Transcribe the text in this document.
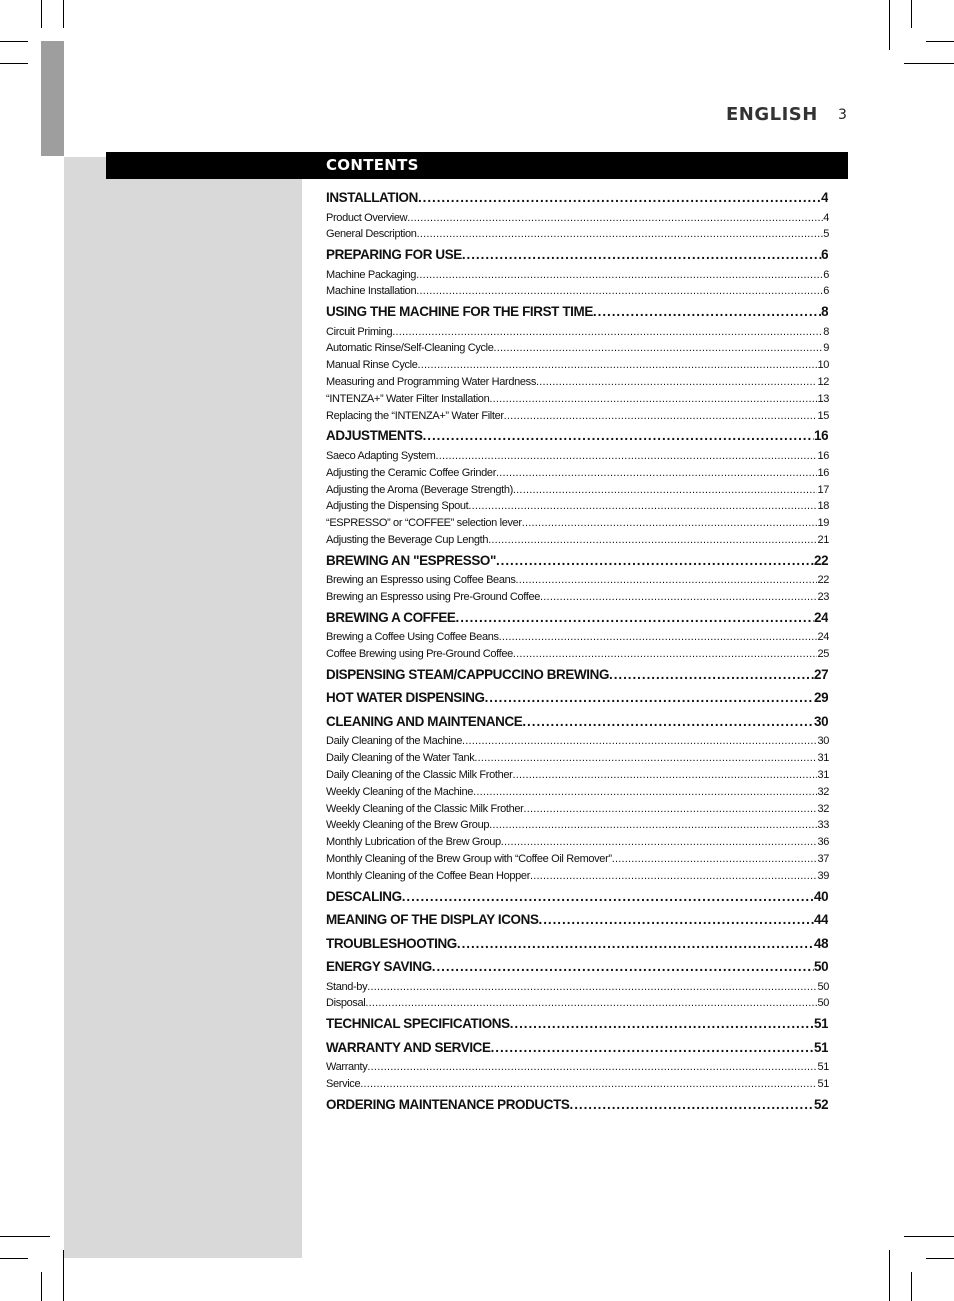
ENGLISH 3
CONTENTS
INSTALLATION .....	4
Product Overview .....	4
General Description .....	5
PREPARING FOR USE .....	6
Machine Packaging .....	6
Machine Installation .....	6
USING THE MACHINE FOR THE FIRST TIME .....	8
Circuit Priming .....	8
Automatic Rinse/Self-Cleaning Cycle .....	9
Manual Rinse Cycle .....	10
Measuring and Programming Water Hardness .....	12
“INTENZA+” Water Filter Installation .....	13
Replacing the “INTENZA+” Water Filter .....	15
ADJUSTMENTS .....	16
Saeco Adapting System .....	16
Adjusting the Ceramic Coffee Grinder .....	16
Adjusting the Aroma (Beverage Strength) .....	17
Adjusting the Dispensing Spout .....	18
“ESPRESSO” or “COFFEE” selection lever .....	19
Adjusting the Beverage Cup Length .....	21
BREWING AN "ESPRESSO" .....	22
Brewing an Espresso using Coffee Beans .....	22
Brewing an Espresso using Pre-Ground Coffee .....	23
BREWING A COFFEE .....	24
Brewing a Coffee Using Coffee Beans .....	24
Coffee Brewing using Pre-Ground Coffee .....	25
DISPENSING STEAM/CAPPUCCINO BREWING .....	27
HOT WATER DISPENSING .....	29
CLEANING AND MAINTENANCE .....	30
Daily Cleaning of the Machine .....	30
Daily Cleaning of the Water Tank .....	31
Daily Cleaning of the Classic Milk Frother .....	31
Weekly Cleaning of the Machine .....	32
Weekly Cleaning of the Classic Milk Frother .....	32
Weekly Cleaning of the Brew Group .....	33
Monthly Lubrication of the Brew Group .....	36
Monthly Cleaning of the Brew Group with “Coffee Oil Remover” .....	37
Monthly Cleaning of the Coffee Bean Hopper .....	39
DESCALING .....	40
MEANING OF THE DISPLAY ICONS .....	44
TROUBLESHOOTING .....	48
ENERGY SAVING .....	50
Stand-by .....	50
Disposal .....	50
TECHNICAL SPECIFICATIONS .....	51
WARRANTY AND SERVICE .....	51
Warranty .....	51
Service .....	51
ORDERING MAINTENANCE PRODUCTS .....	52
